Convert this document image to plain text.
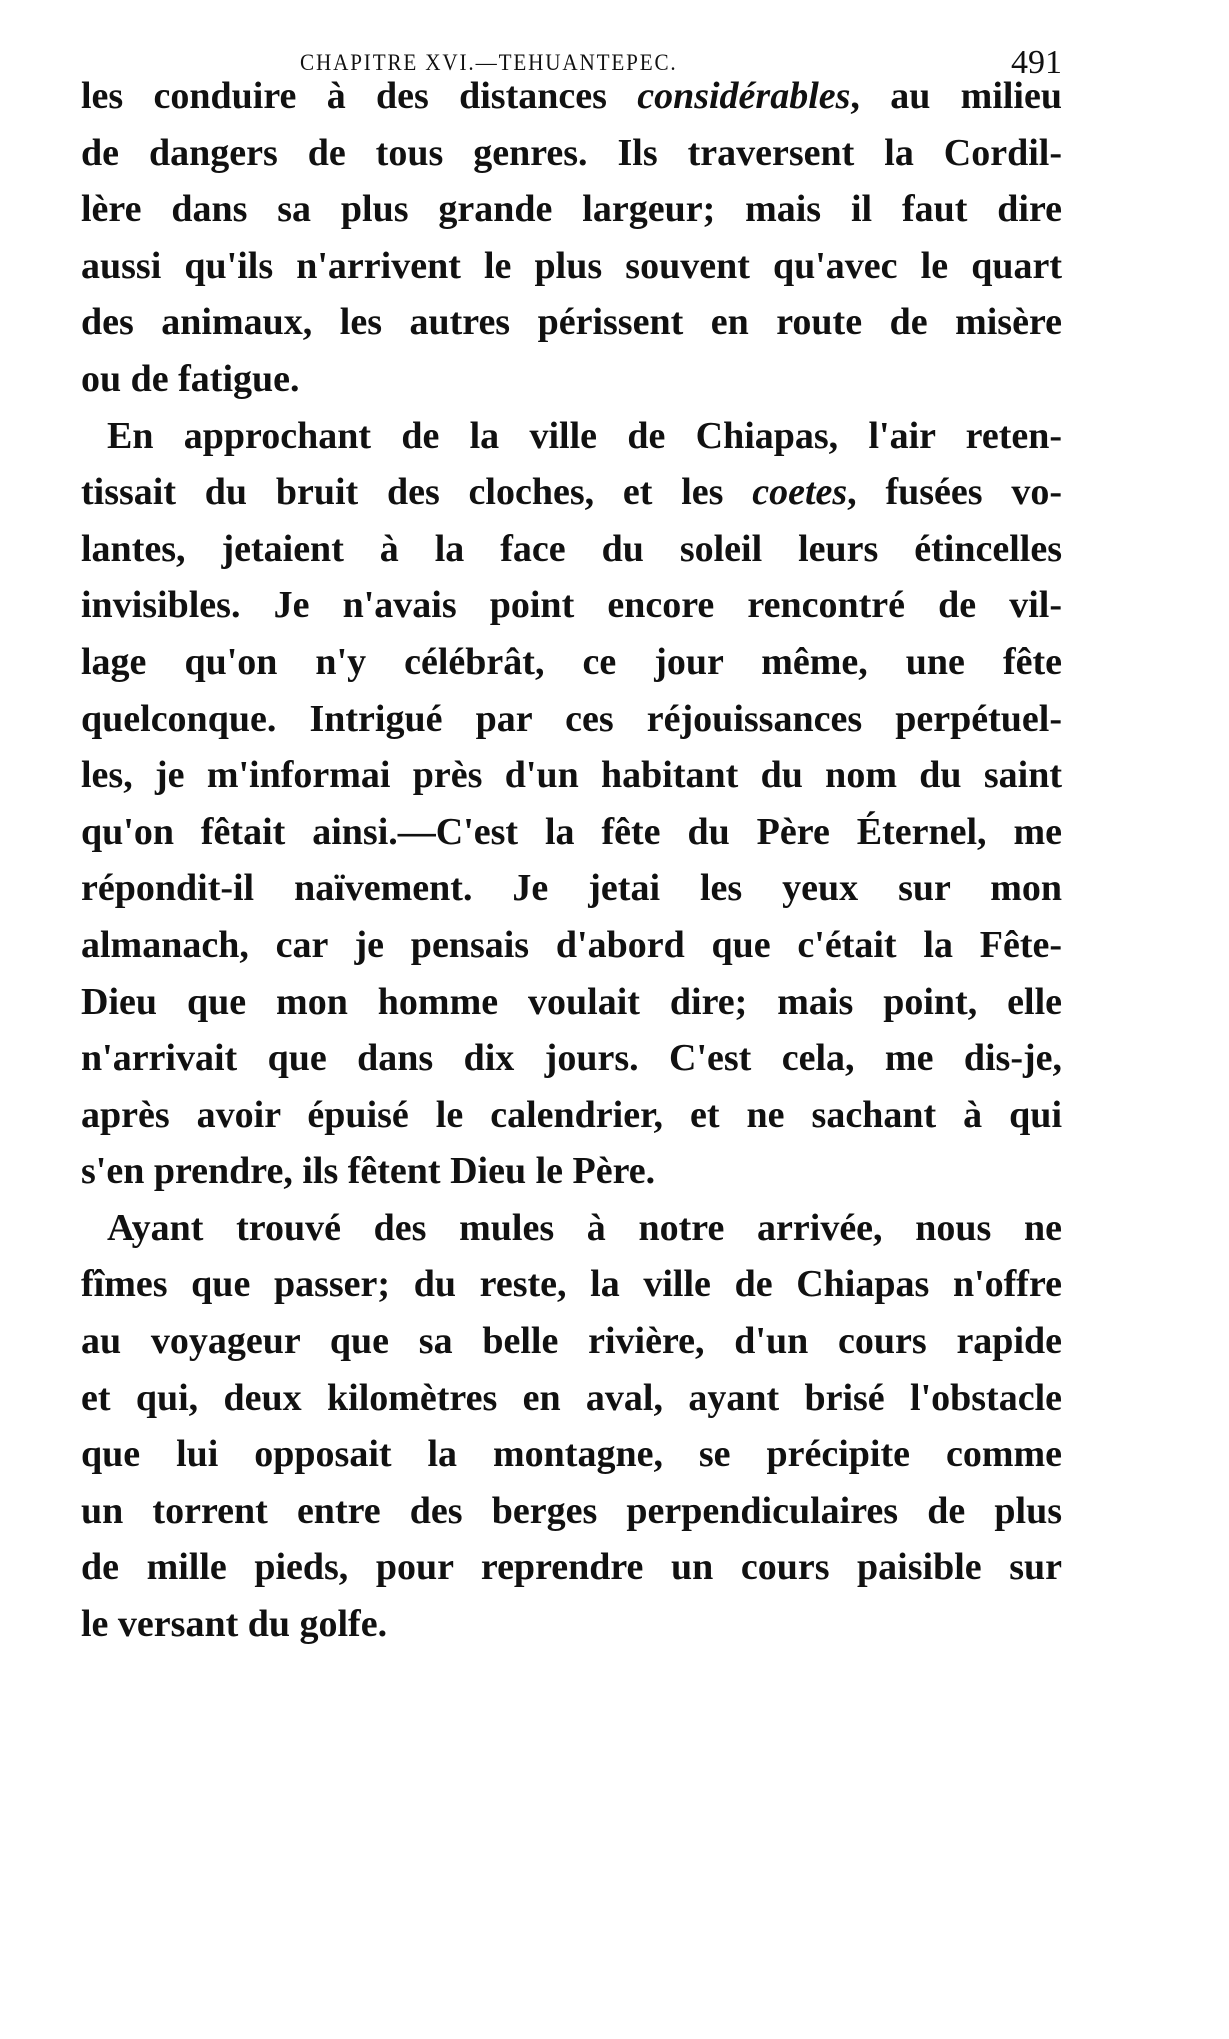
CHAPITRE XVI.—TEHUANTEPEC.	491
les conduire à des distances considérables, au milieu
de dangers de tous genres. Ils traversent la Cordil-
lère dans sa plus grande largeur; mais il faut dire
aussi qu'ils n'arrivent le plus souvent qu'avec le quart
des animaux, les autres périssent en route de misère
ou de fatigue.
En approchant de la ville de Chiapas, l'air reten-
tissait du bruit des cloches, et les coetes, fusées vo-
lantes, jetaient à la face du soleil leurs étincelles
invisibles. Je n'avais point encore rencontré de vil-
lage qu'on n'y célébrât, ce jour même, une fête
quelconque. Intrigué par ces réjouissances perpétuel-
les, je m'informai près d'un habitant du nom du saint
qu'on fêtait ainsi.—C'est la fête du Père Éternel, me
répondit-il naïvement. Je jetai les yeux sur mon
almanach, car je pensais d'abord que c'était la Fête-
Dieu que mon homme voulait dire; mais point, elle
n'arrivait que dans dix jours. C'est cela, me dis-je,
après avoir épuisé le calendrier, et ne sachant à qui
s'en prendre, ils fêtent Dieu le Père.
Ayant trouvé des mules à notre arrivée, nous ne
fîmes que passer; du reste, la ville de Chiapas n'offre
au voyageur que sa belle rivière, d'un cours rapide
et qui, deux kilomètres en aval, ayant brisé l'obstacle
que lui opposait la montagne, se précipite comme
un torrent entre des berges perpendiculaires de plus
de mille pieds, pour reprendre un cours paisible sur
le versant du golfe.
